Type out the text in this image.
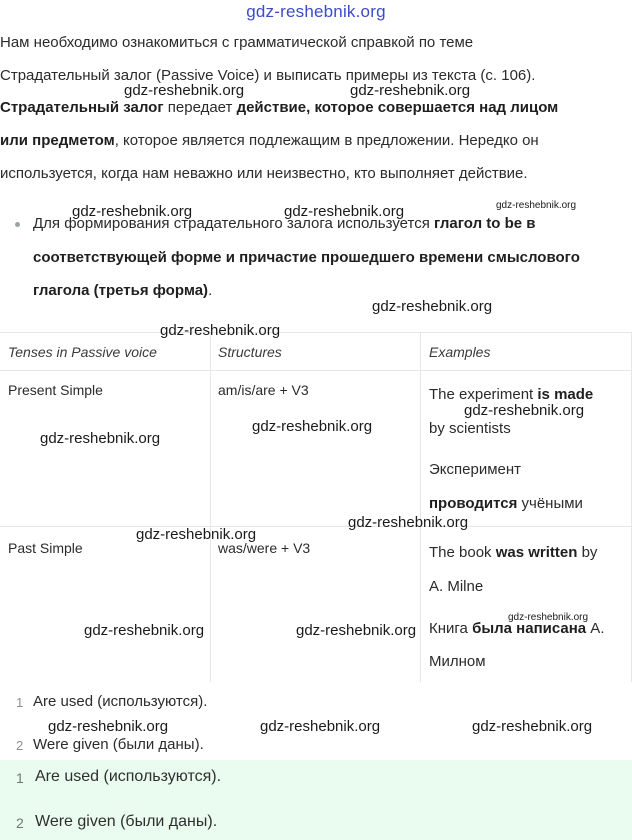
gdz-reshebnik.org

Нам необходимо ознакомиться с грамматической справкой по теме

Страдательный залог (Passive Voice) и выписать примеры из текста (с. 106).

Страдательный залог передает действие, которое совершается над лицом

или предметом, которое является подлежащим в предложении. Нередко он

используется, когда нам неважно или неизвестно, кто выполняет действие.

Для формирования страдательного залога используется глагол to be в
соответствующей форме и причастие прошедшего времени смыслового
глагола (третья форма).
Tenses in Passive voice	Structures	Examples
Present Simple	am/is/are + V3	The experiment is made
by scientists
Эксперимент
проводится учёными
Past Simple	was/were + V3	The book was written by
A. Milne
Книга была написана А.
Милном
1 Are used (используются).
2 Were given (были даны).
1 Are used (используются).
2 Were given (были даны).
gdz-reshebnik.org	gdz-reshebnik.org
gdz-reshebnik.org	gdz-reshebnik.org	gdz-reshebnik.org
gdz-reshebnik.org
gdz-reshebnik.org
gdz-reshebnik.org
gdz-reshebnik.org
gdz-reshebnik.org
gdz-reshebnik.org
gdz-reshebnik.org
gdz-reshebnik.org
gdz-reshebnik.org	gdz-reshebnik.org
gdz-reshebnik.org	gdz-reshebnik.org	gdz-reshebnik.org
